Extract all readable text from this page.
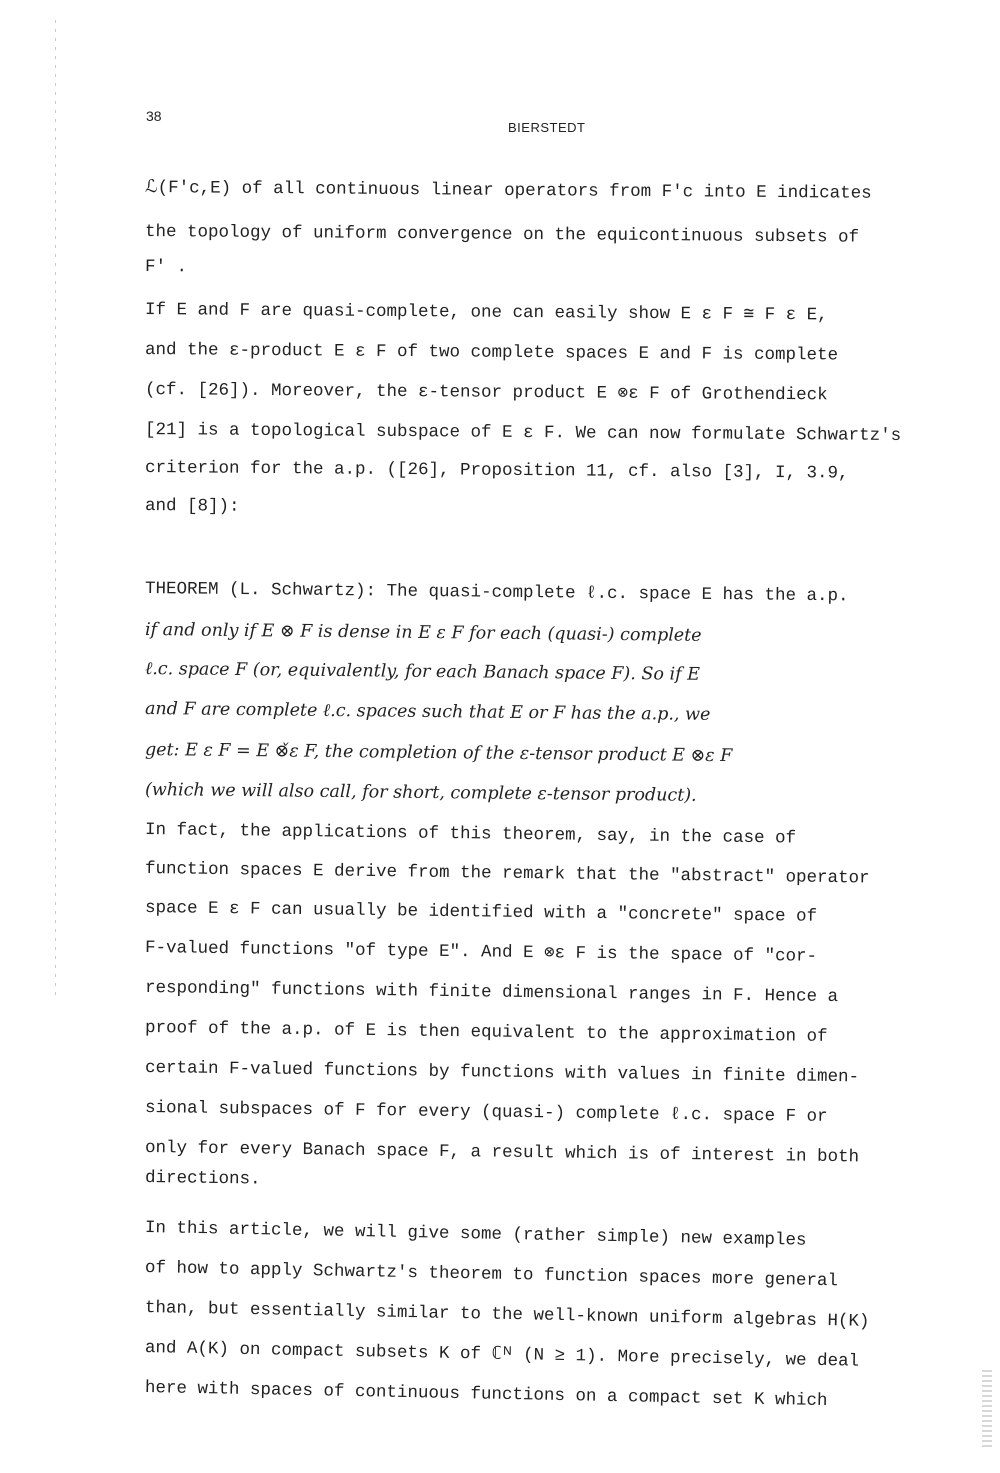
38
BIERSTEDT
ℒ(F'c,E) of all continuous linear operators from F'c into E indicates
the topology of uniform convergence on the equicontinuous subsets of
F' .
If E and F are quasi-complete, one can easily show E ε F ≅ F ε E,
and the ε-product E ε F of two complete spaces E and F is complete
(cf. [26]). Moreover, the ε-tensor product E ⊗ε F of Grothendieck
[21] is a topological subspace of E ε F. We can now formulate Schwartz's
criterion for the a.p. ([26], Proposition 11, cf. also [3], I, 3.9,
and [8]):
THEOREM (L. Schwartz): The quasi-complete ℓ.c. space E has the a.p.
if and only if E ⊗ F is dense in E ε F for each (quasi-) complete
ℓ.c. space F (or, equivalently, for each Banach space F). So if E
and F are complete ℓ.c. spaces such that E or F has the a.p., we
get: E ε F = E ⊗̌ε F, the completion of the ε-tensor product E ⊗ε F
(which we will also call, for short, complete ε-tensor product).
In fact, the applications of this theorem, say, in the case of
function spaces E derive from the remark that the "abstract" operator
space E ε F can usually be identified with a "concrete" space of
F-valued functions "of type E". And E ⊗ε F is the space of "cor-
responding" functions with finite dimensional ranges in F. Hence a
proof of the a.p. of E is then equivalent to the approximation of
certain F-valued functions by functions with values in finite dimen-
sional subspaces of F for every (quasi-) complete ℓ.c. space F or
only for every Banach space F, a result which is of interest in both
directions.
In this article, we will give some (rather simple) new examples
of how to apply Schwartz's theorem to function spaces more general
than, but essentially similar to the well-known uniform algebras H(K)
and A(K) on compact subsets K of ℂᴺ (N ≥ 1). More precisely, we deal
here with spaces of continuous functions on a compact set K which
